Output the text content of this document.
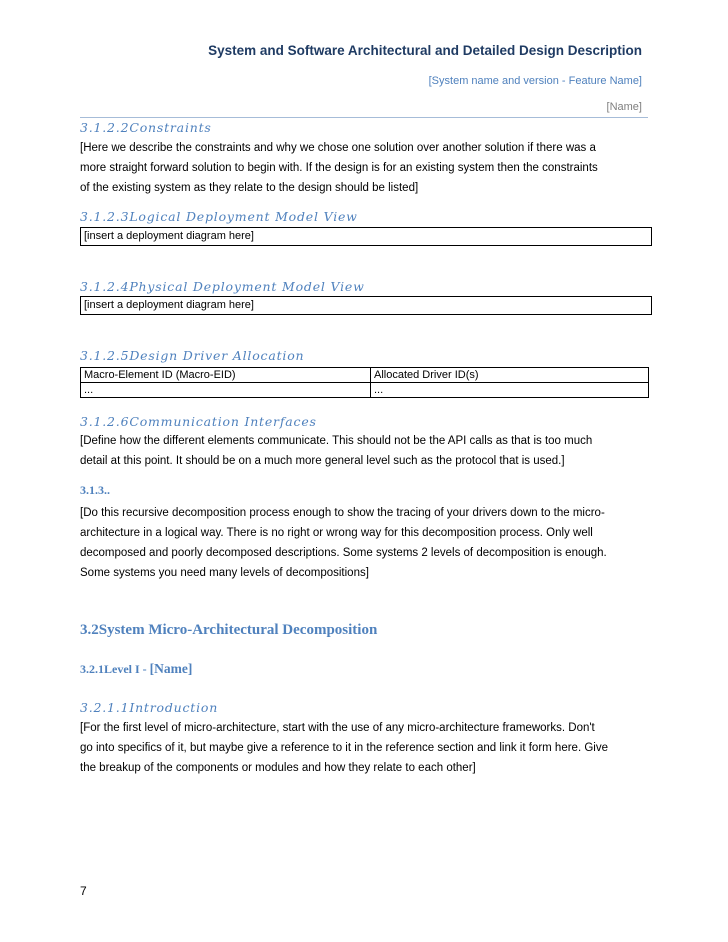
System and Software Architectural and Detailed Design Description
[System name and version - Feature Name]
[Name]
3.1.2.2Constraints
[Here we describe the constraints and why we chose one solution over another solution if there was a
more straight forward solution to begin with. If the design is for an existing system then the constraints
of the existing system as they relate to the design should be listed]
3.1.2.3Logical Deployment Model View
[insert a deployment diagram here]
3.1.2.4Physical Deployment Model View
[insert a deployment diagram here]
3.1.2.5Design Driver Allocation
Macro-Element ID (Macro-EID)	Allocated Driver ID(s)
...	...
3.1.2.6Communication Interfaces
[Define how the different elements communicate. This should not be the API calls as that is too much
detail at this point. It should be on a much more general level such as the protocol that is used.]
3.1.3..
[Do this recursive decomposition process enough to show the tracing of your drivers down to the micro-
architecture in a logical way. There is no right or wrong way for this decomposition process. Only well
decomposed and poorly decomposed descriptions. Some systems 2 levels of decomposition is enough.
Some systems you need many levels of decompositions]
3.2System Micro-Architectural Decomposition
3.2.1Level I - [Name]
3.2.1.1Introduction
[For the first level of micro-architecture, start with the use of any micro-architecture frameworks. Don't
go into specifics of it, but maybe give a reference to it in the reference section and link it form here. Give
the breakup of the components or modules and how they relate to each other]
7
